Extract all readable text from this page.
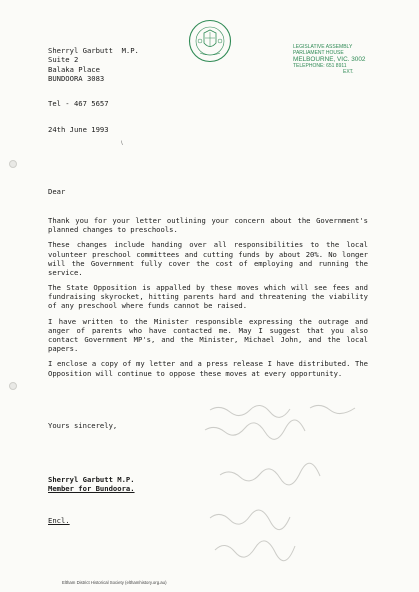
LEGISLATIVE ASSEMBLY
PARLIAMENT HOUSE
MELBOURNE, VIC. 3002
TELEPHONE: 651 8911
EXT.
Sherryl Garbutt  M.P.
Suite 2
Balaka Place
BUNDOORA 3083
Tel - 467 5657
24th June 1993
\
Dear

Thank you for your letter outlining your concern about the Government's planned changes to preschools.

These changes include handing over all responsibilities to the local volunteer preschool committees and cutting funds by about 20%. No longer will the Government fully cover the cost of employing and running the service.

The State Opposition is appalled by these moves which will see fees and fundraising skyrocket, hitting parents hard and threatening the viability of any preschool where funds cannot be raised.

I have written to the Minister responsible expressing the outrage and anger of parents who have contacted me. May I suggest that you also contact Government MP's, and the Minister, Michael John, and the local papers.

I enclose a copy of my letter and a press release I have distributed. The Opposition will continue to oppose these moves at every opportunity.

Yours sincerely,
Sherryl Garbutt M.P.
Member for Bundoora.
Encl.
Eltham District Historical Society (elthamhistory.org.au)
